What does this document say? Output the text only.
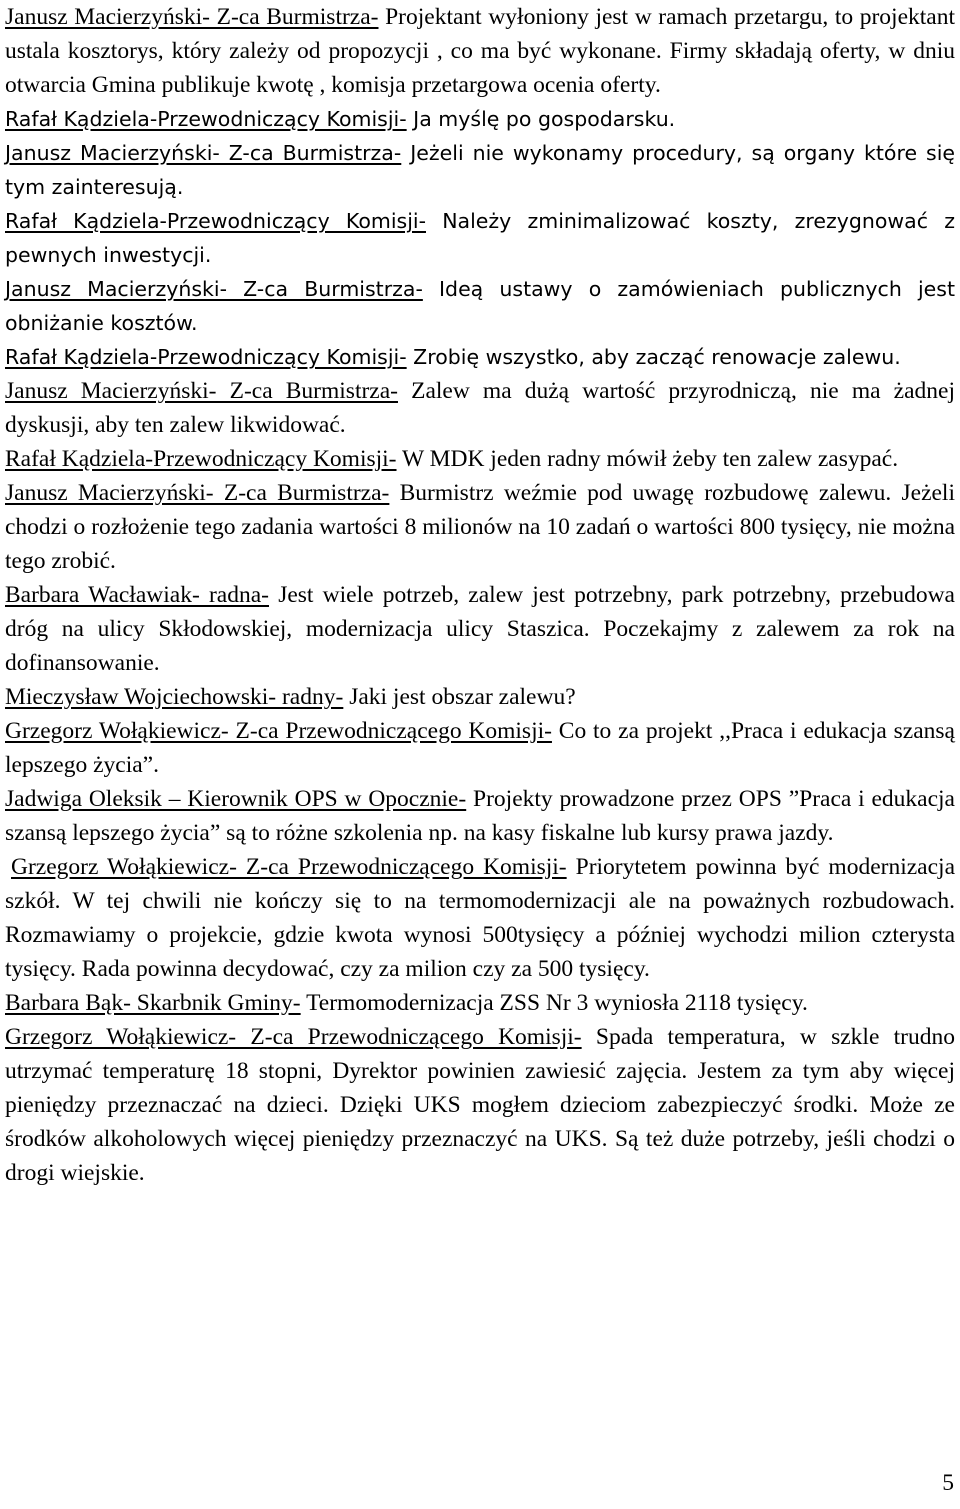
Janusz Macierzyński- Z-ca Burmistrza- Projektant wyłoniony jest w ramach przetargu, to projektant ustala kosztorys, który zależy od propozycji , co ma być wykonane. Firmy składają oferty, w dniu otwarcia Gmina publikuje kwotę , komisja przetargowa ocenia oferty.

Rafał Kądziela-Przewodniczący Komisji- Ja myślę po gospodarsku.

Janusz Macierzyński- Z-ca Burmistrza- Jeżeli nie wykonamy procedury, są organy które się tym zainteresują.

Rafał Kądziela-Przewodniczący Komisji- Należy zminimalizować koszty, zrezygnować z pewnych inwestycji.

Janusz Macierzyński- Z-ca Burmistrza- Ideą ustawy o zamówieniach publicznych jest obniżanie kosztów.

Rafał Kądziela-Przewodniczący Komisji- Zrobię wszystko, aby zacząć renowacje zalewu.

Janusz Macierzyński- Z-ca Burmistrza- Zalew ma dużą wartość przyrodniczą, nie ma żadnej dyskusji, aby ten zalew likwidować.

Rafał Kądziela-Przewodniczący Komisji- W MDK jeden radny mówił żeby ten zalew zasypać.

Janusz Macierzyński- Z-ca Burmistrza- Burmistrz weźmie pod uwagę rozbudowę zalewu. Jeżeli chodzi o rozłożenie tego zadania wartości 8 milionów na 10 zadań o wartości 800 tysięcy, nie można tego zrobić.

Barbara Wacławiak- radna- Jest wiele potrzeb, zalew jest potrzebny, park potrzebny, przebudowa dróg na ulicy Skłodowskiej, modernizacja ulicy Staszica. Poczekajmy z zalewem za rok na dofinansowanie.

Mieczysław Wojciechowski- radny- Jaki jest obszar zalewu?

Grzegorz Wołąkiewicz- Z-ca Przewodniczącego Komisji- Co to za projekt ,,Praca i edukacja szansą lepszego życia”.

Jadwiga Oleksik – Kierownik OPS w Opocznie- Projekty prowadzone przez OPS ”Praca i edukacja szansą lepszego życia” są to różne szkolenia np. na kasy fiskalne lub kursy prawa jazdy.

Grzegorz Wołąkiewicz- Z-ca Przewodniczącego Komisji- Priorytetem powinna być modernizacja szkół. W tej chwili nie kończy się to na termomodernizacji ale na poważnych rozbudowach. Rozmawiamy o projekcie, gdzie kwota wynosi 500tysięcy a później wychodzi milion czterysta tysięcy. Rada powinna decydować, czy za milion czy za 500 tysięcy.

Barbara Bąk- Skarbnik Gminy- Termomodernizacja ZSS Nr 3 wyniosła 2118 tysięcy.

Grzegorz Wołąkiewicz- Z-ca Przewodniczącego Komisji- Spada temperatura, w szkle trudno utrzymać temperaturę 18 stopni, Dyrektor powinien zawiesić zajęcia. Jestem za tym aby więcej pieniędzy przeznaczać na dzieci. Dzięki UKS mogłem dzieciom zabezpieczyć środki. Może ze środków alkoholowych więcej pieniędzy przeznaczyć na UKS. Są też duże potrzeby, jeśli chodzi o drogi wiejskie.

5
